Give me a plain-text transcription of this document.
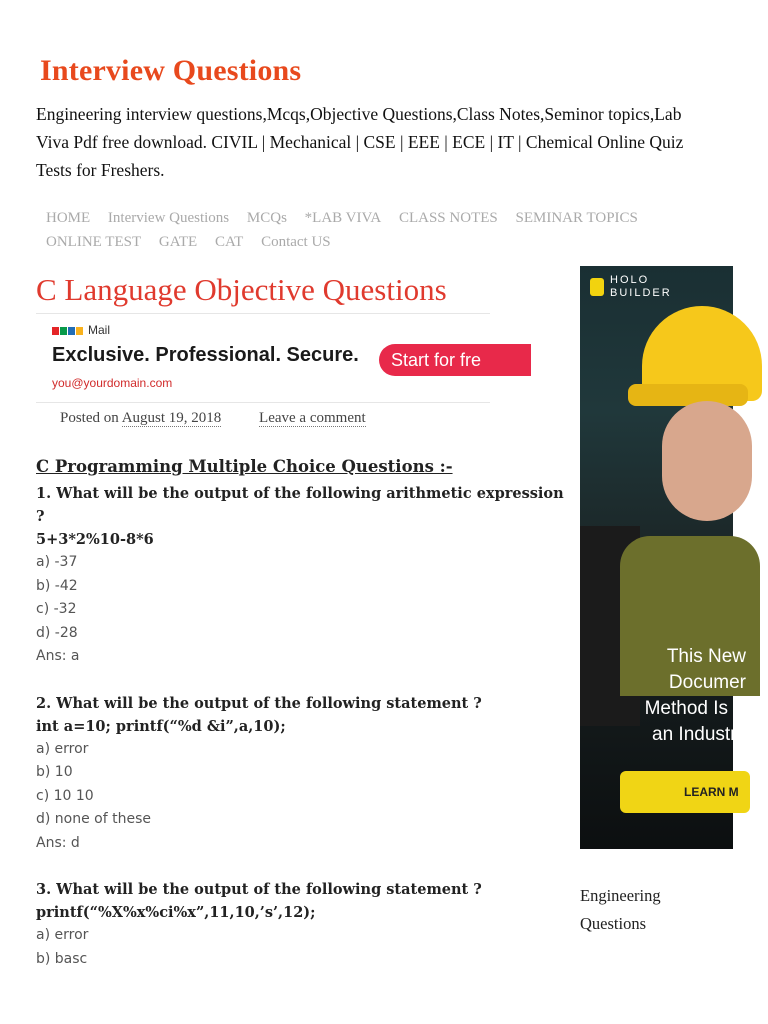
Interview Questions
Engineering interview questions,Mcqs,Objective Questions,Class Notes,Seminor topics,Lab Viva Pdf free download. CIVIL | Mechanical | CSE | EEE | ECE | IT | Chemical Online Quiz Tests for Freshers.
HOME Interview Questions MCQs *LAB VIVA CLASS NOTES SEMINAR TOPICS ONLINE TEST GATE CAT Contact US
C Language Objective Questions
Mail
Exclusive. Professional. Secure.
you@yourdomain.com
Start for fre
Posted on August 19, 2018	Leave a comment
C Programming Multiple Choice Questions :-
1. What will be the output of the following arithmetic expression ?
5+3*2%10-8*6
a) -37
b) -42
c) -32
d) -28
Ans: a
2. What will be the output of the following statement ?
int a=10; printf(“%d &i”,a,10);
a) error
b) 10
c) 10 10
d) none of these
Ans: d
3. What will be the output of the following statement ?
printf(“%X%x%ci%x”,11,10,’s’,12);
a) error
b) basc
HOLO
BUILDER
This New
Documer
Method Is E
an Industry
LEARN M
Engineering
Questions
